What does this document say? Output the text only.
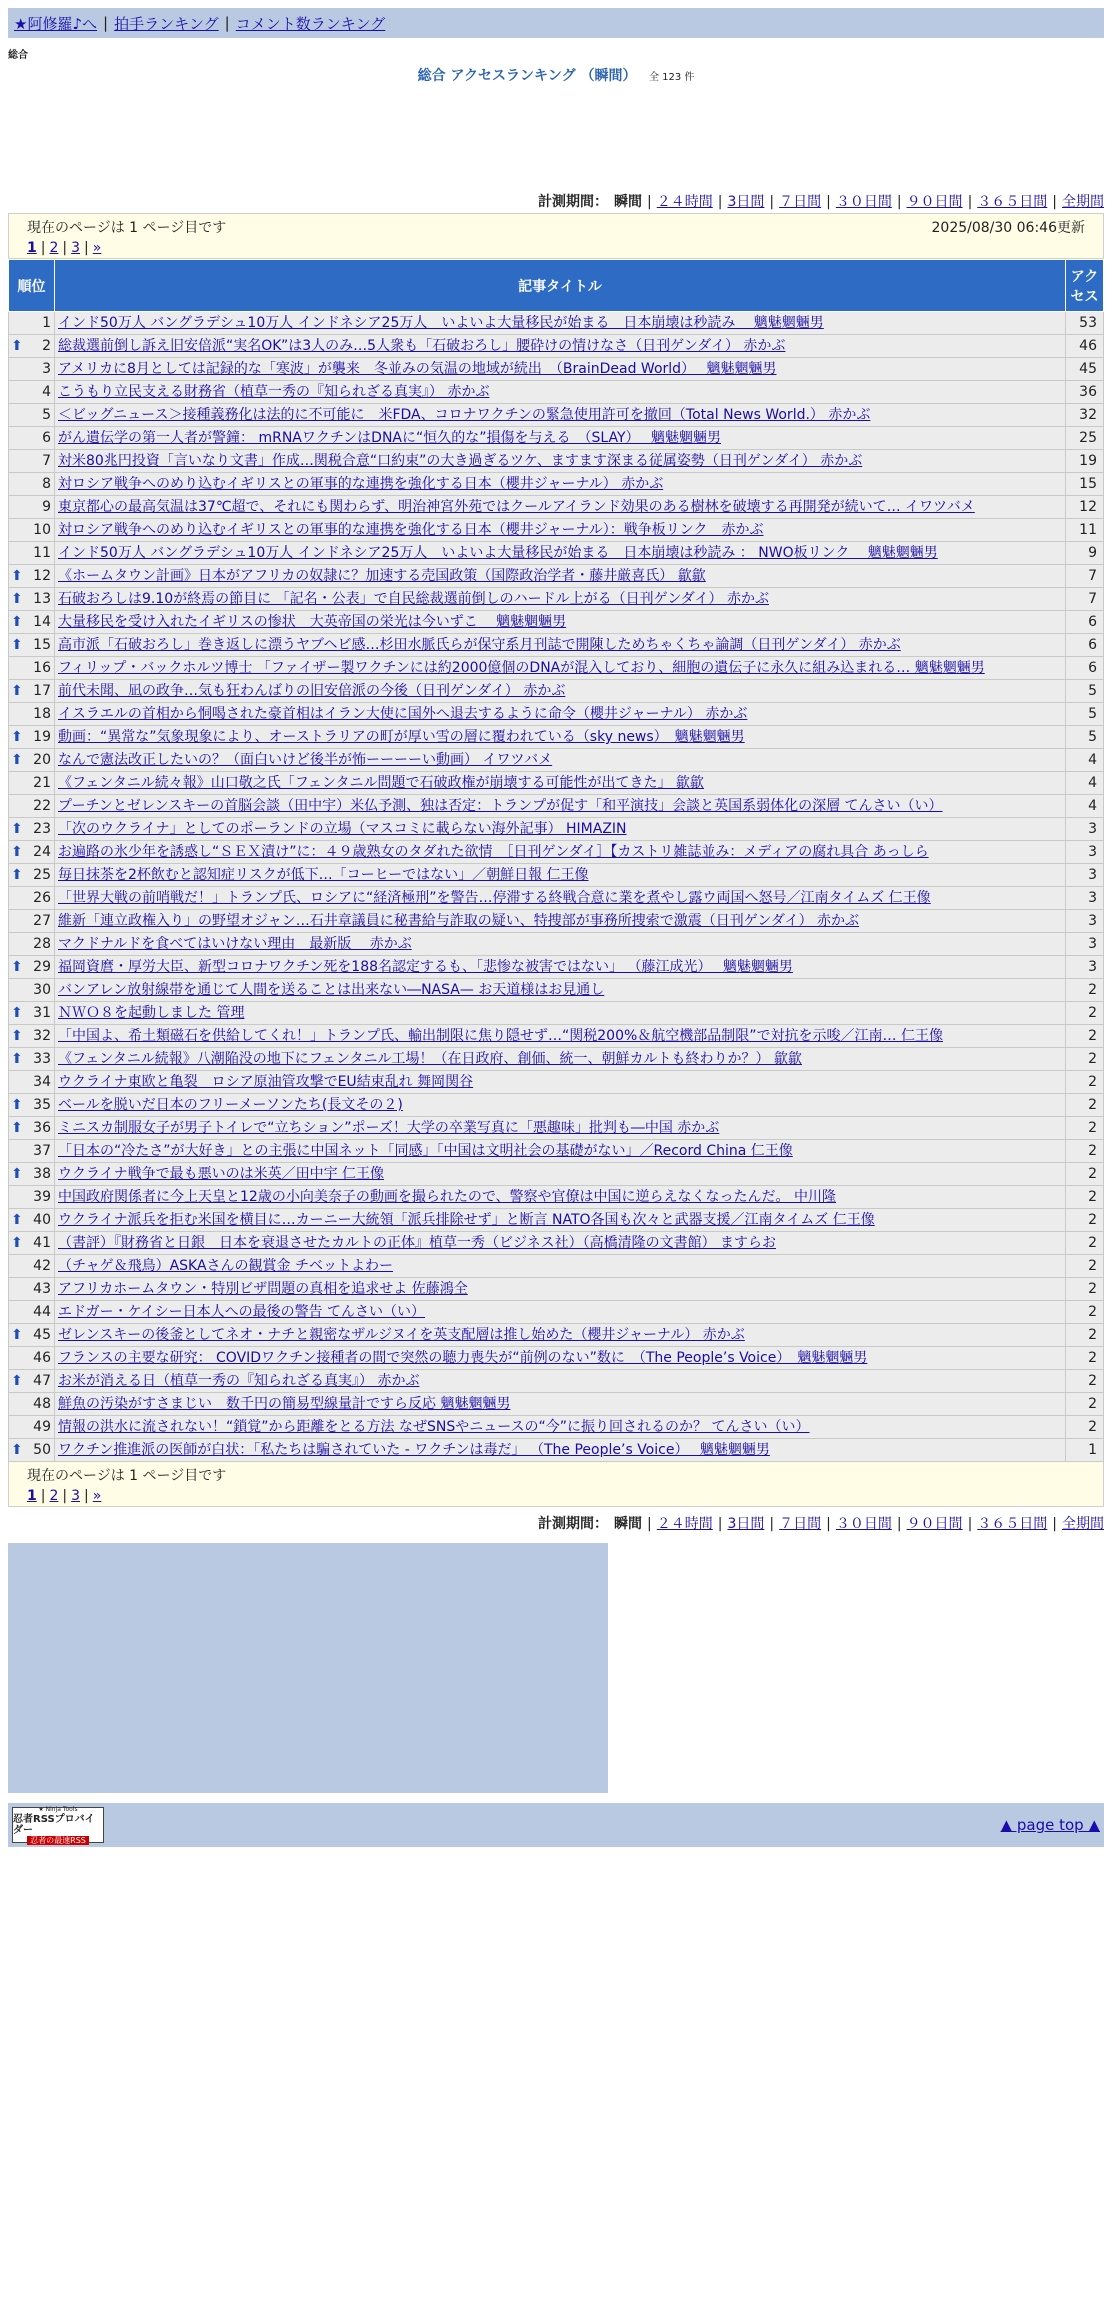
★阿修羅♪へ | 拍手ランキング | コメント数ランキング
総合
総合 アクセスランキング （瞬間） 全 123 件
計測期間： 瞬間 | ２４時間 | 3日間 | ７日間 | ３０日間 | ９０日間 | ３６５日間 | 全期間
現在のページは 1 ページ目です	2025/08/30 06:46更新
1 | 2 | 3 | »
順位	記事タイトル	アクセス
1	インド50万人 バングラデシュ10万人 インドネシア25万人　いよいよ大量移民が始まる　日本崩壊は秒読み　 魑魅魍魎男	53

⬆ 2	総裁選前倒し訴え旧安倍派“実名OK”は3人のみ…5人衆も「石破おろし」腰砕けの情けなさ（日刊ゲンダイ） 赤かぶ	46
3	アメリカに8月としては記録的な「寒波」が襲来　冬並みの気温の地域が続出　（BrainDead World）　 魑魅魍魎男	45
4	こうもり立民支える財務省（植草一秀の『知られざる真実』） 赤かぶ	36
5	＜ビッグニュース＞接種義務化は法的に不可能に　米FDA、コロナワクチンの緊急使用許可を撤回（Total News World.） 赤かぶ	32
6	がん遺伝学の第一人者が警鐘： mRNAワクチンはDNAに“恒久的な”損傷を与える　（SLAY）　 魑魅魍魎男	25
7	対米80兆円投資「言いなり文書」作成…関税合意“口約束”の大き過ぎるツケ、ますます深まる従属姿勢（日刊ゲンダイ） 赤かぶ	19
8	対ロシア戦争へのめり込むイギリスとの軍事的な連携を強化する日本（櫻井ジャーナル） 赤かぶ	15
9	東京都心の最高気温は37℃超で、それにも関わらず、明治神宮外苑ではクールアイランド効果のある樹林を破壊する再開発が続いて… イワツバメ	12
10	対ロシア戦争へのめり込むイギリスとの軍事的な連携を強化する日本（櫻井ジャーナル）：戦争板リンク　赤かぶ	11
11	インド50万人 バングラデシュ10万人 インドネシア25万人　いよいよ大量移民が始まる　日本崩壊は秒読み ： NWO板リンク　 魑魅魍魎男	9

⬆ 12	《ホームタウン計画》日本がアフリカの奴隷に？加速する売国政策（国際政治学者・藤井厳喜氏） 歙歙	7

⬆ 13	石破おろしは9.10が終焉の節目に 「記名・公表」で自民総裁選前倒しのハードル上がる（日刊ゲンダイ） 赤かぶ	7

⬆ 14	大量移民を受け入れたイギリスの惨状　大英帝国の栄光は今いずこ　 魑魅魍魎男	6

⬆ 15	高市派「石破おろし」巻き返しに漂うヤブヘビ感…杉田水脈氏らが保守系月刊誌で開陳しためちゃくちゃ論調（日刊ゲンダイ） 赤かぶ	6
16	フィリップ・バックホルツ博士 「ファイザー製ワクチンには約2000億個のDNAが混入しており、細胞の遺伝子に永久に組み込まれる… 魑魅魍魎男	6

⬆ 17	前代未聞、凪の政争…気も狂わんばりの旧安倍派の今後（日刊ゲンダイ） 赤かぶ	5
18	イスラエルの首相から恫喝された豪首相はイラン大使に国外へ退去するように命令（櫻井ジャーナル） 赤かぶ	5

⬆ 19	動画：“異常な”気象現象により、オーストラリアの町が厚い雪の層に覆われている（sky news）　魑魅魍魎男	5

⬆ 20	なんで憲法改正したいの？（面白いけど後半が怖ーーーーい動画） イワツバメ	4
21	《フェンタニル続々報》山口敬之氏「フェンタニル問題で石破政権が崩壊する可能性が出てきた」 歙歙	4
22	プーチンとゼレンスキーの首脳会談（田中宇）米仏予測、独は否定：トランプが促す「和平演技」会談と英国系弱体化の深層 てんさい（い）	4

⬆ 23	「次のウクライナ」としてのポーランドの立場（マスコミに載らない海外記事） HIMAZIN	3

⬆ 24	お遍路の氷少年を誘惑し“ＳＥＸ漬け”に：４９歳熟女のタダれた欲情　［日刊ゲンダイ］【カストリ雑誌並み：メディアの腐れ具合 あっしら	3

⬆ 25	毎日抹茶を2杯飲むと認知症リスクが低下…「コーヒーではない」／朝鮮日報 仁王像	3
26	「世界大戦の前哨戦だ！」トランプ氏、ロシアに“経済極刑”を警告…停滞する終戦合意に業を煮やし露ウ両国へ怒号／江南タイムズ 仁王像	3
27	維新「連立政権入り」の野望オジャン…石井章議員に秘書給与詐取の疑い、特捜部が事務所捜索で激震（日刊ゲンダイ） 赤かぶ	3
28	マクドナルドを食べてはいけない理由　最新版　 赤かぶ	3

⬆ 29	福岡資麿・厚労大臣、新型コロナワクチン死を188名認定するも、「悲惨な被害ではない」 （藤江成光）　 魑魅魍魎男	3
30	バンアレン放射線帯を通じて人間を送ることは出来ない―NASA— お天道様はお見通し	2

⬆ 31	ＮＷＯ８を起動しました 管理	2

⬆ 32	「中国よ、希土類磁石を供給してくれ！」トランプ氏、輸出制限に焦り隠せず…“関税200%＆航空機部品制限”で対抗を示唆／江南… 仁王像	2

⬆ 33	《フェンタニル続報》八潮陥没の地下にフェンタニル工場！（在日政府、創価、統一、朝鮮カルトも終わりか？） 歙歙	2
34	ウクライナ東欧と亀裂　ロシア原油管攻撃でEU結束乱れ 舞岡関谷	2

⬆ 35	ベールを脱いだ日本のフリーメーソンたち(長文その２)	2

⬆ 36	ミニスカ制服女子が男子トイレで“立ちション”ポーズ！大学の卒業写真に「悪趣味」批判も―中国 赤かぶ	2
37	「日本の“冷たさ”が大好き」との主張に中国ネット「同感」「中国は文明社会の基礎がない」／Record China 仁王像	2

⬆ 38	ウクライナ戦争で最も悪いのは米英／田中宇 仁王像	2
39	中国政府関係者に今上天皇と12歳の小向美奈子の動画を撮られたので、警察や官僚は中国に逆らえなくなったんだ。 中川隆	2

⬆ 40	ウクライナ派兵を拒む米国を横目に…カーニー大統領「派兵排除せず」と断言 NATO各国も次々と武器支援／江南タイムズ 仁王像	2

⬆ 41	（書評）『財務省と日銀　日本を衰退させたカルトの正体』植草一秀（ビジネス社）（高橋清隆の文書館） ますらお	2
42	（チャゲ＆飛鳥）ASKAさんの観賞金 チベットよわー	2
43	アフリカホームタウン・特別ビザ問題の真相を追求せよ 佐藤鴻全	2
44	エドガー・ケイシー日本人への最後の警告 てんさい（い）	2

⬆ 45	ゼレンスキーの後釜としてネオ・ナチと親密なザルジヌイを英支配層は推し始めた（櫻井ジャーナル） 赤かぶ	2
46	フランスの主要な研究： COVIDワクチン接種者の間で突然の聴力喪失が“前例のない”数に　（The People’s Voice）　魑魅魍魎男	2

⬆ 47	お米が消える日（植草一秀の『知られざる真実』） 赤かぶ	2
48	鮮魚の汚染がすさまじい　数千円の簡易型線量計ですら反応 魑魅魍魎男	2
49	情報の洪水に流されない！“鎖覚”から距離をとる方法 なぜSNSやニュースの“今”に振り回されるのか？ てんさい（い）	2

⬆ 50	ワクチン推進派の医師が白状：「私たちは騙されていた - ワクチンは毒だ」 （The People’s Voice）　 魑魅魍魎男	1
現在のページは 1 ページ目です
1 | 2 | 3 | »
計測期間： 瞬間 | ２４時間 | 3日間 | ７日間 | ３０日間 | ９０日間 | ３６５日間 | 全期間
★ Ninja Tools
忍者RSSプロバイダー
忍者の最速RSS
▲ page top ▲
